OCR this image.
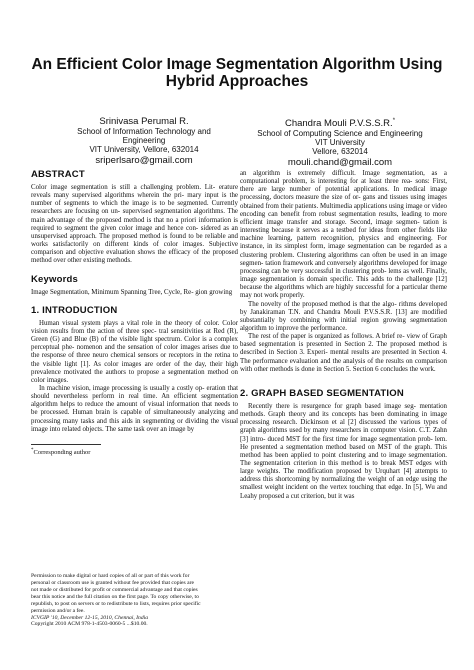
An Efficient Color Image Segmentation Algorithm Using
Hybrid Approaches
Srinivasa Perumal R.
School of Information Technology and
Engineering
VIT University, Vellore, 632014
sriperlsaro@gmail.com
Chandra Mouli P.V.S.S.R.*
School of Computing Science and Engineering
VIT University
Vellore, 632014
mouli.chand@gmail.com
ABSTRACT

Color image segmentation is still a challenging problem. Lit- erature reveals many supervised algorithms wherein the pri- mary input is the number of segments to which the image is to be segmented. Currently researchers are focusing on un- supervised segmentation algorithms. The main advantage of the proposed method is that no a priori information is required to segment the given color image and hence con- sidered as an unsupervised approach. The proposed method is found to be reliable and works satisfactorily on different kinds of color images. Subjective comparison and objective evaluation shows the efficacy of the proposed method over other existing methods.

Keywords

Image Segmentation, Minimum Spanning Tree, Cycle, Re- gion growing

1. INTRODUCTION

Human visual system plays a vital role in the theory of color. Color vision results from the action of three spec- tral sensitivities at Red (R), Green (G) and Blue (B) of the visible light spectrum. Color is a complex perceptual phe- nomenon and the sensation of color images arises due to the response of three neuro chemical sensors or receptors in the retina to the visible light [1]. As color images are order of the day, their high prevalence motivated the authors to propose a segmentation method on color images.

In machine vision, image processing is usually a costly op- eration that should nevertheless perform in real time. An efficient segmentation algorithm helps to reduce the amount of visual information that needs to be processed. Human brain is capable of simultaneously analyzing and processing many tasks and this aids in segmenting or dividing the visual image into related objects. The same task over an image by

*Corresponding author
Permission to make digital or hard copies of all or part of this work for
personal or classroom use is granted without fee provided that copies are
not made or distributed for profit or commercial advantage and that copies
bear this notice and the full citation on the first page. To copy otherwise, to
republish, to post on servers or to redistribute to lists, requires prior specific
permission and/or a fee.
ICVGIP '10, December 12-15, 2010, Chennai, India
Copyright 2010 ACM 978-1-4503-0060-5 ...$10.00.

an algorithm is extremely difficult. Image segmentation, as a computational problem, is interesting for at least three rea- sons: First, there are large number of potential applications. In medical image processing, doctors measure the size of or- gans and tissues using images obtained from their patients. Multimedia applications using image or video encoding can benefit from robust segmentation results, leading to more efficient image transfer and storage. Second, image segmen- tation is interesting because it serves as a testbed for ideas from other fields like machine learning, pattern recognition, physics and engineering. For instance, in its simplest form, image segmentation can be regarded as a clustering problem. Clustering algorithms can often be used in an image segmen- tation framework and conversely algorithms developed for image processing can be very successful in clustering prob- lems as well. Finally, image segmentation is domain specific. This adds to the challenge [12] because the algorithms which are highly successful for a particular theme may not work properly.

The novelty of the proposed method is that the algo- rithms developed by Janakiraman T.N. and Chandra Mouli P.V.S.S.R. [13] are modified substantially by combining with initial region growing segmentation algorithm to improve the performance.

The rest of the paper is organized as follows. A brief re- view of Graph based segmentation is presented in Section 2. The proposed method is described in Section 3. Experi- mental results are presented in Section 4. The performance evaluation and the analysis of the results on comparison with other methods is done in Section 5. Section 6 concludes the work.

2. GRAPH BASED SEGMENTATION

Recently there is resurgence for graph based image seg- mentation methods. Graph theory and its concepts has been dominating in image processing research. Dickinson et al [2] discussed the various types of graph algorithms used by many researchers in computer vision. C.T. Zahn [3] intro- duced MST for the first time for image segmentation prob- lem. He presented a segmentation method based on MST of the graph. This method has been applied to point clustering and to image segmentation. The segmentation criterion in this method is to break MST edges with large weights. The modification proposed by Urquhart [4] attempts to address this shortcoming by normalizing the weight of an edge using the smallest weight incident on the vertex touching that edge. In [5], Wu and Leahy proposed a cut criterion, but it was
